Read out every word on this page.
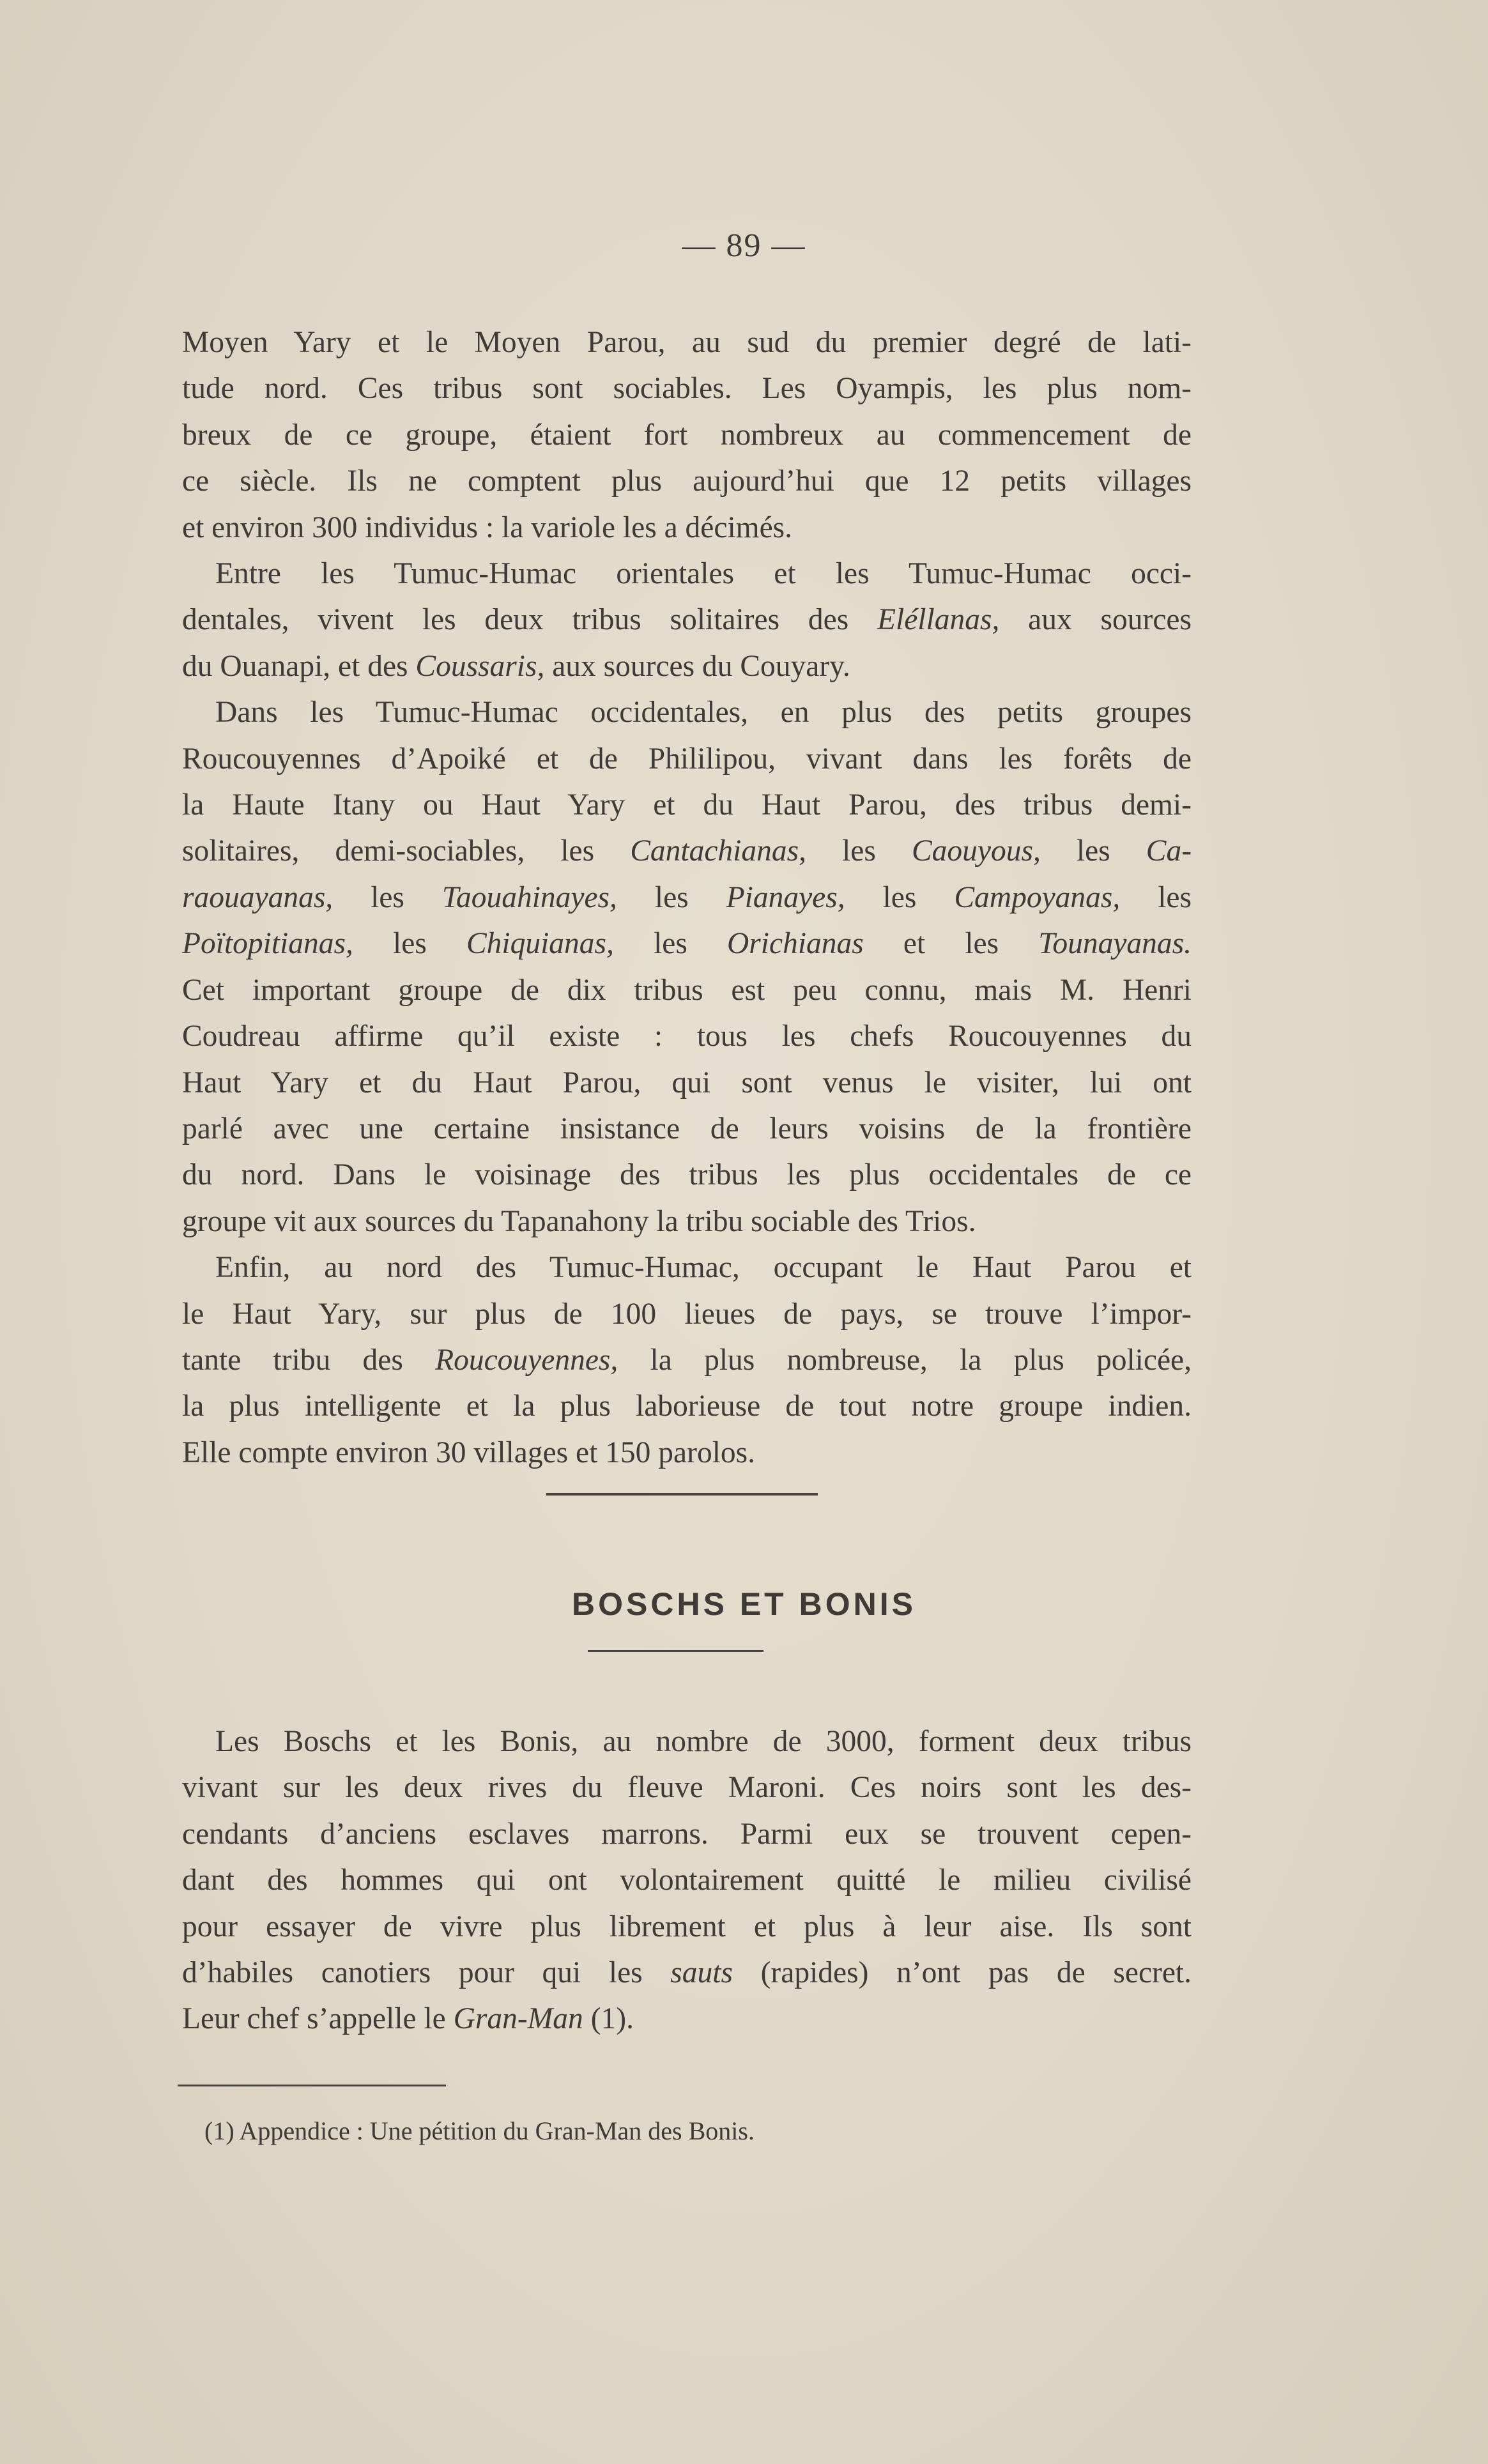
— 89 —

Moyen Yary et le Moyen Parou, au sud du premier degré de lati-
tude nord. Ces tribus sont sociables. Les Oyampis, les plus nom-
breux de ce groupe, étaient fort nombreux au commencement de
ce siècle. Ils ne comptent plus aujourd’hui que 12 petits villages
et environ 300 individus : la variole les a décimés.

Entre les Tumuc-Humac orientales et les Tumuc-Humac occi-
dentales, vivent les deux tribus solitaires des Eléllanas, aux sources
du Ouanapi, et des Coussaris, aux sources du Couyary.

Dans les Tumuc-Humac occidentales, en plus des petits groupes
Roucouyennes d’Apoiké et de Phililipou, vivant dans les forêts de
la Haute Itany ou Haut Yary et du Haut Parou, des tribus demi-
solitaires, demi-sociables, les Cantachianas, les Caouyous, les Ca-
raouayanas, les Taouahinayes, les Pianayes, les Campoyanas, les
Poïtopitianas, les Chiquianas, les Orichianas et les Tounayanas.
Cet important groupe de dix tribus est peu connu, mais M. Henri
Coudreau affirme qu’il existe : tous les chefs Roucouyennes du
Haut Yary et du Haut Parou, qui sont venus le visiter, lui ont
parlé avec une certaine insistance de leurs voisins de la frontière
du nord. Dans le voisinage des tribus les plus occidentales de ce
groupe vit aux sources du Tapanahony la tribu sociable des Trios.

Enfin, au nord des Tumuc-Humac, occupant le Haut Parou et
le Haut Yary, sur plus de 100 lieues de pays, se trouve l’impor-
tante tribu des Roucouyennes, la plus nombreuse, la plus policée,
la plus intelligente et la plus laborieuse de tout notre groupe indien.
Elle compte environ 30 villages et 150 parolos.

BOSCHS ET BONIS

Les Boschs et les Bonis, au nombre de 3000, forment deux tribus
vivant sur les deux rives du fleuve Maroni. Ces noirs sont les des-
cendants d’anciens esclaves marrons. Parmi eux se trouvent cepen-
dant des hommes qui ont volontairement quitté le milieu civilisé
pour essayer de vivre plus librement et plus à leur aise. Ils sont
d’habiles canotiers pour qui les sauts (rapides) n’ont pas de secret.
Leur chef s’appelle le Gran-Man (1).

(1) Appendice : Une pétition du Gran-Man des Bonis.
